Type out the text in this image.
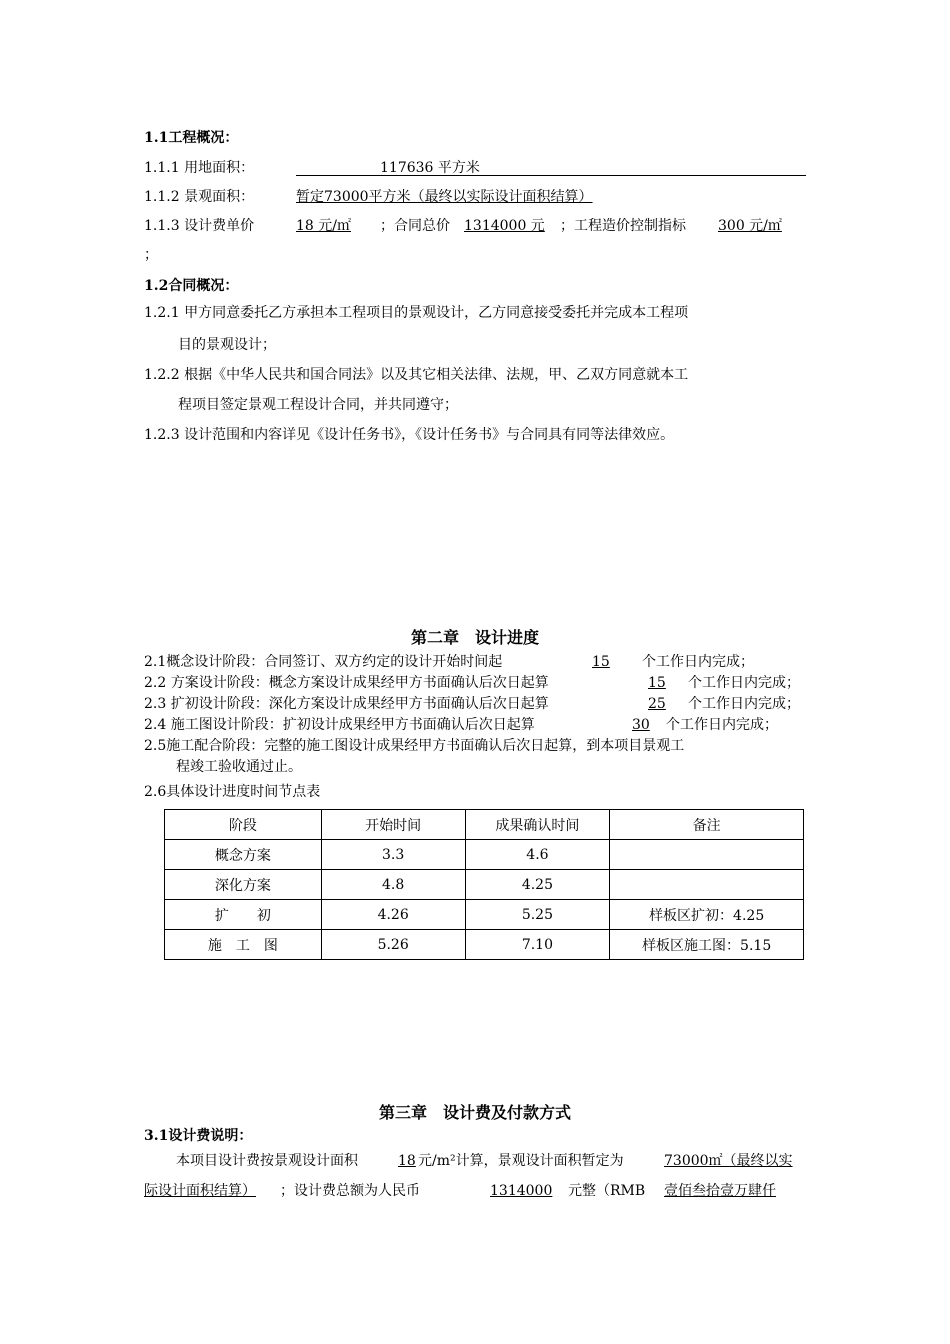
1.1工程概况：
1.1.1 用地面积：	117636 平方米
1.1.2 景观面积：	暂定73000平方米（最终以实际设计面积结算）
1.1.3 设计费单价	18 元/㎡	；合同总价 1314000 元 ；工程造价控制指标 300 元/㎡
；
1.2合同概况：
1.2.1 甲方同意委托乙方承担本工程项目的景观设计，乙方同意接受委托并完成本工程项
目的景观设计；
1.2.2 根据《中华人民共和国合同法》以及其它相关法律、法规，甲、乙双方同意就本工
程项目签定景观工程设计合同，并共同遵守；
1.2.3 设计范围和内容详见《设计任务书》，《设计任务书》与合同具有同等法律效应。
第二章　设计进度
2.1概念设计阶段：合同签订、双方约定的设计开始时间起	15	个工作日内完成；
2.2 方案设计阶段：概念方案设计成果经甲方书面确认后次日起算	15	个工作日内完成；
2.3 扩初设计阶段：深化方案设计成果经甲方书面确认后次日起算	25	个工作日内完成；
2.4 施工图设计阶段：扩初设计成果经甲方书面确认后次日起算	30	个工作日内完成；
2.5施工配合阶段：完整的施工图设计成果经甲方书面确认后次日起算，到本项目景观工
程竣工验收通过止。
2.6具体设计进度时间节点表
阶段	开始时间	成果确认时间	备注
概念方案	3.3	4.6	
深化方案	4.8	4.25	
扩　　初	4.26	5.25	样板区扩初：4.25
施　工　图	5.26	7.10	样板区施工图：5.15
第三章　设计费及付款方式
3.1设计费说明：
本项目设计费按景观设计面积	18 元/m²计算，景观设计面积暂定为	73000㎡（最终以实
际设计面积结算） ；设计费总额为人民币	1314000	元整（RMB	壹佰叁拾壹万肆仟
